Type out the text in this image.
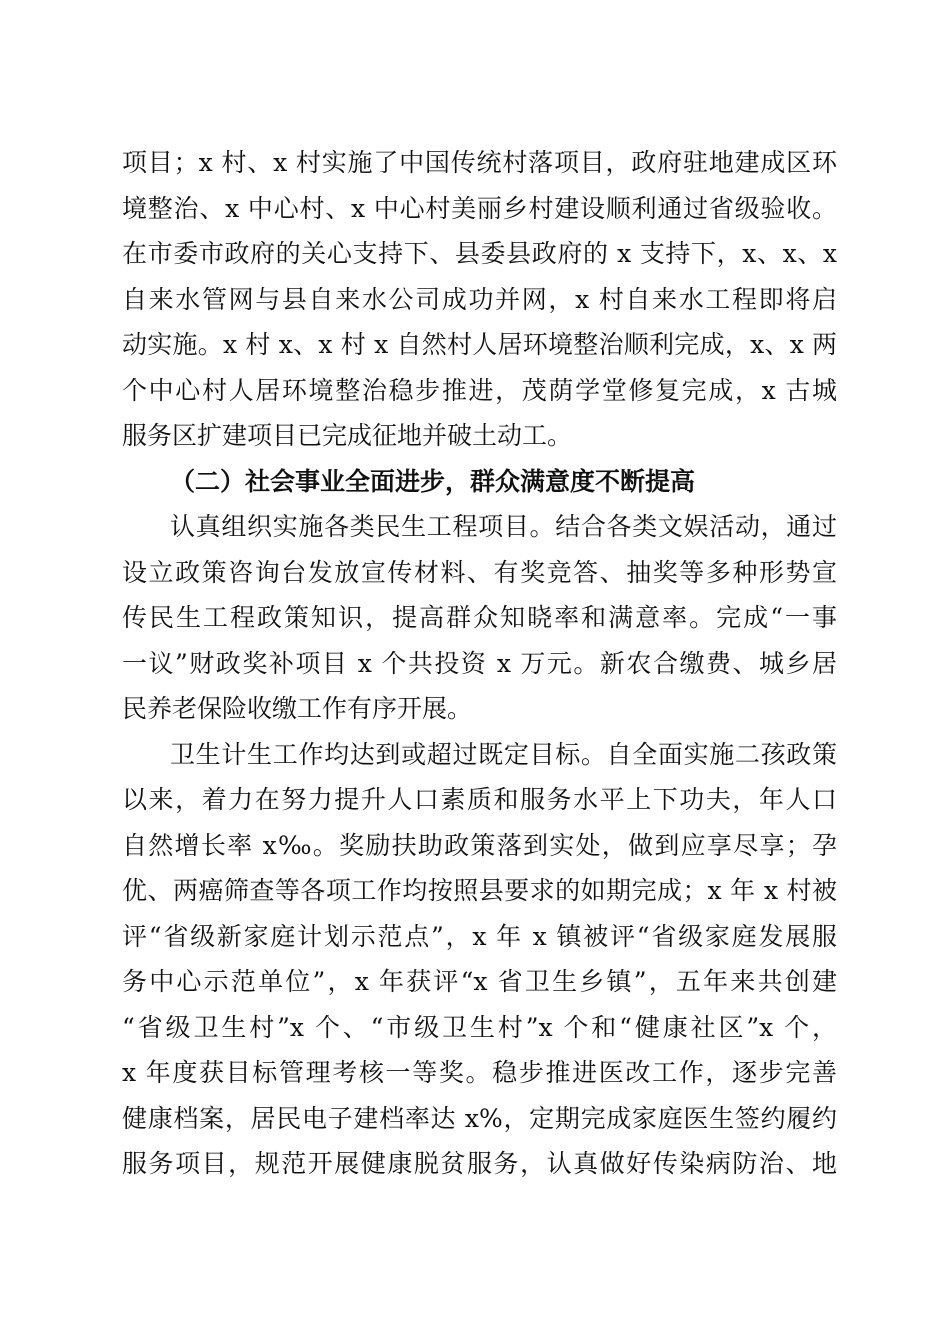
项目；x 村、x 村实施了中国传统村落项目，政府驻地建成区环
境整治、x 中心村、x 中心村美丽乡村建设顺利通过省级验收。
在市委市政府的关心支持下、县委县政府的 x 支持下，x、x、x
自来水管网与县自来水公司成功并网，x 村自来水工程即将启
动实施。x 村 x、x 村 x 自然村人居环境整治顺利完成，x、x 两
个中心村人居环境整治稳步推进，茂荫学堂修复完成，x 古城
服务区扩建项目已完成征地并破土动工。
（二）社会事业全面进步，群众满意度不断提高
认真组织实施各类民生工程项目。结合各类文娱活动，通过
设立政策咨询台发放宣传材料、有奖竞答、抽奖等多种形势宣
传民生工程政策知识，提高群众知晓率和满意率。完成“一事
一议”财政奖补项目 x 个共投资 x 万元。新农合缴费、城乡居
民养老保险收缴工作有序开展。
卫生计生工作均达到或超过既定目标。自全面实施二孩政策
以来，着力在努力提升人口素质和服务水平上下功夫，年人口
自然增长率 x‰。奖励扶助政策落到实处，做到应享尽享；孕
优、两癌筛查等各项工作均按照县要求的如期完成；x 年 x 村被
评“省级新家庭计划示范点”，x 年 x 镇被评“省级家庭发展服
务中心示范单位”，x 年获评“x 省卫生乡镇”，五年来共创建
“省级卫生村”x 个、“市级卫生村”x 个和“健康社区”x 个，
x 年度获目标管理考核一等奖。稳步推进医改工作，逐步完善
健康档案，居民电子建档率达 x%，定期完成家庭医生签约履约
服务项目，规范开展健康脱贫服务，认真做好传染病防治、地
